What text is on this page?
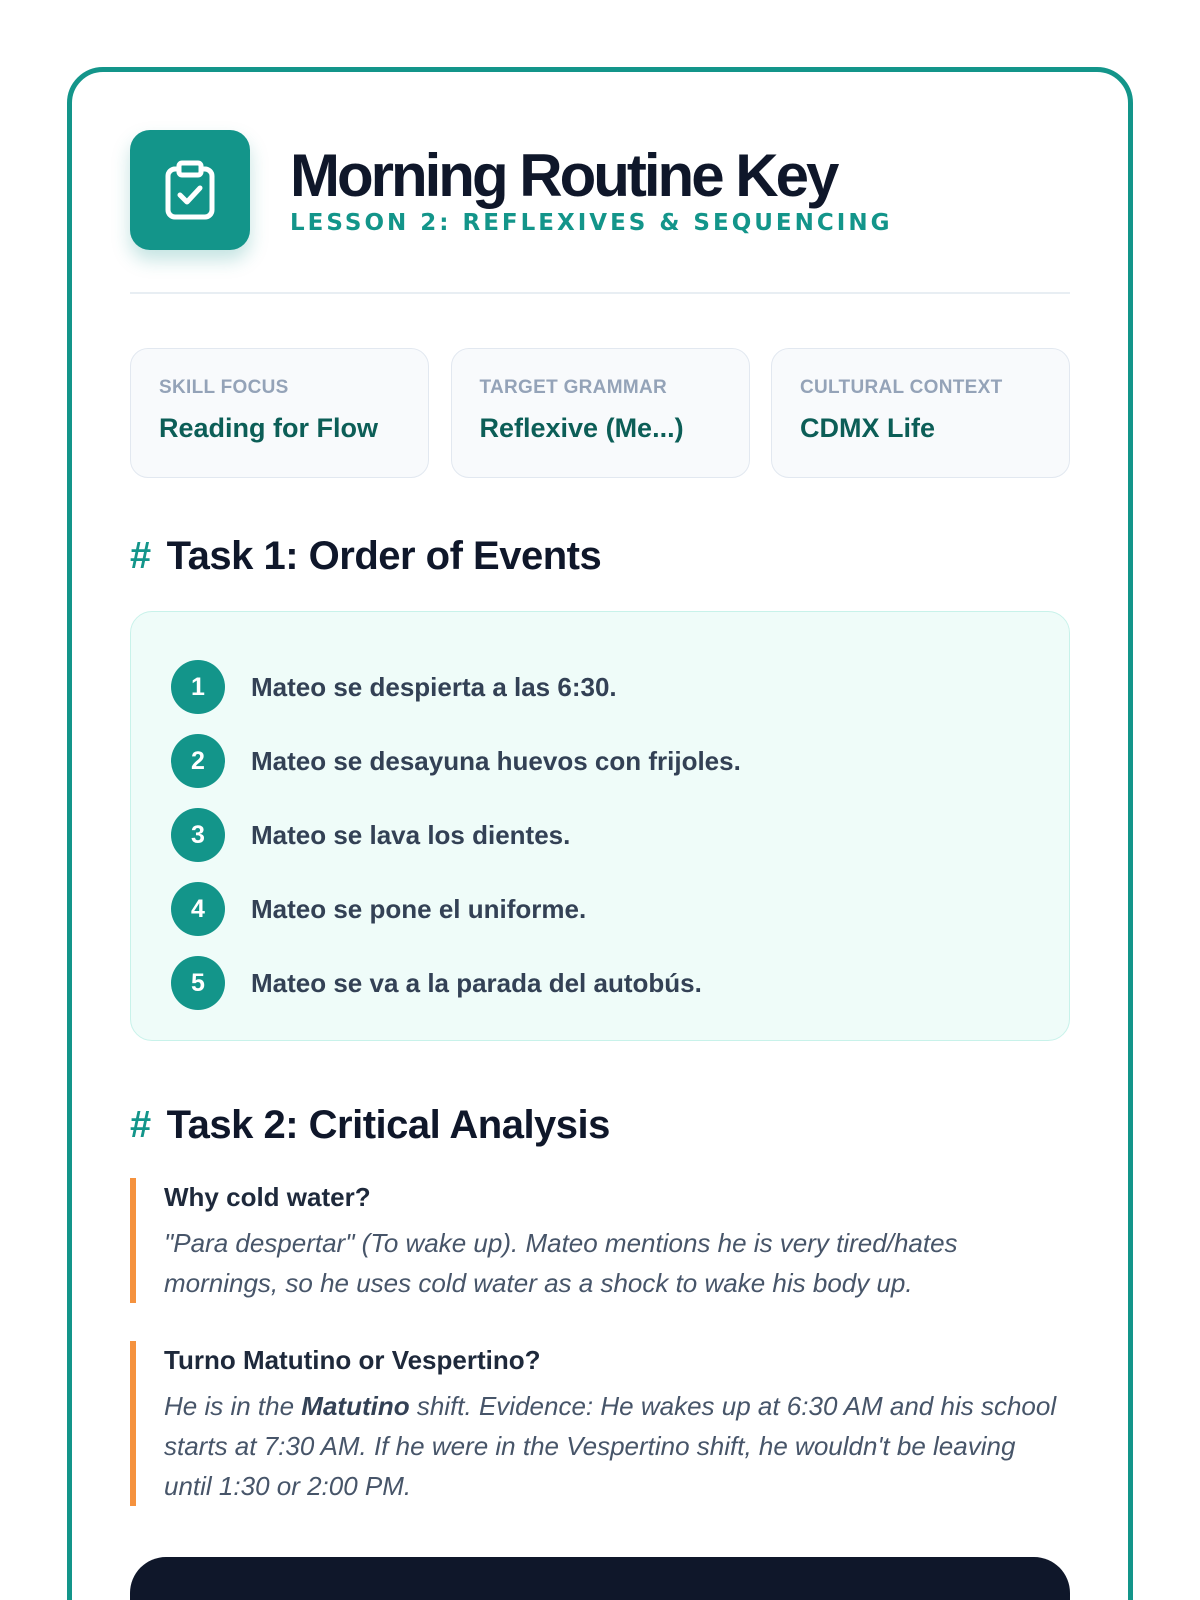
Morning Routine Key
LESSON 2: REFLEXIVES & SEQUENCING
SKILL FOCUS
Reading for Flow
TARGET GRAMMAR
Reflexive (Me...)
CULTURAL CONTEXT
CDMX Life
# Task 1: Order of Events
1	Mateo se despierta a las 6:30.
2	Mateo se desayuna huevos con frijoles.
3	Mateo se lava los dientes.
4	Mateo se pone el uniforme.
5	Mateo se va a la parada del autobús.
# Task 2: Critical Analysis
Why cold water?
"Para despertar" (To wake up). Mateo mentions he is very tired/hates mornings, so he uses cold water as a shock to wake his body up.
Turno Matutino or Vespertino?
He is in the Matutino shift. Evidence: He wakes up at 6:30 AM and his school starts at 7:30 AM. If he were in the Vespertino shift, he wouldn't be leaving until 1:30 or 2:00 PM.
